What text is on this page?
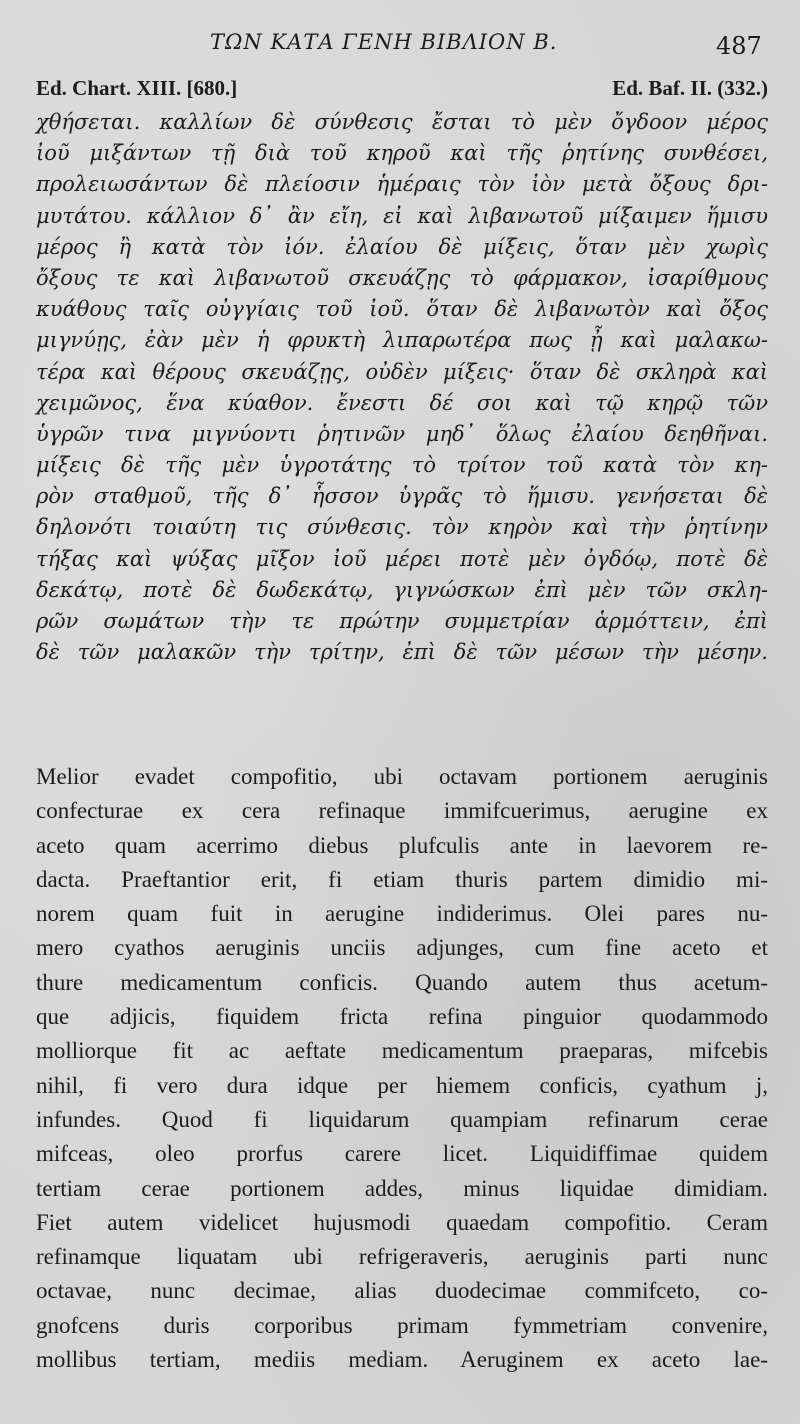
ΤΩΝ ΚΑΤΑ ΓΕΝΗ ΒΙΒΛΙΟΝ Β.	487
Ed. Chart. XIII. [680.]	Ed. Baf. II. (332.)
χθήσεται. καλλίων δὲ σύνθεσις ἔσται τὸ μὲν ὄγδοον μέρος
ἰοῦ μιξάντων τῇ διὰ τοῦ κηροῦ καὶ τῆς ῥητίνης συνθέσει,
προλειωσάντων δὲ πλείοσιν ἡμέραις τὸν ἰὸν μετὰ ὄξους δρι-
μυτάτου. κάλλιον δ᾿ ἂν εἴη, εἰ καὶ λιβανωτοῦ μίξαιμεν ἥμισυ
μέρος ἢ κατὰ τὸν ἰόν. ἐλαίου δὲ μίξεις, ὅταν μὲν χωρὶς
ὄξους τε καὶ λιβανωτοῦ σκευάζῃς τὸ φάρμακον, ἰσαρίθμους
κυάθους ταῖς οὐγγίαις τοῦ ἰοῦ. ὅταν δὲ λιβανωτὸν καὶ ὄξος
μιγνύῃς, ἐὰν μὲν ἡ φρυκτὴ λιπαρωτέρα πως ᾖ καὶ μαλακω-
τέρα καὶ θέρους σκευάζῃς, οὐδὲν μίξεις· ὅταν δὲ σκληρὰ καὶ
χειμῶνος, ἕνα κύαθον. ἔνεστι δέ σοι καὶ τῷ κηρῷ τῶν
ὑγρῶν τινα μιγνύοντι ῥητινῶν μηδ᾿ ὅλως ἐλαίου δεηθῆναι.
μίξεις δὲ τῆς μὲν ὑγροτάτης τὸ τρίτον τοῦ κατὰ τὸν κη-
ρὸν σταθμοῦ, τῆς δ᾿ ἧσσον ὑγρᾶς τὸ ἥμισυ. γενήσεται δὲ
δηλονότι τοιαύτη τις σύνθεσις. τὸν κηρὸν καὶ τὴν ῥητίνην
τήξας καὶ ψύξας μῖξον ἰοῦ μέρει ποτὲ μὲν ὀγδόῳ, ποτὲ δὲ
δεκάτῳ, ποτὲ δὲ δωδεκάτῳ, γιγνώσκων ἐπὶ μὲν τῶν σκλη-
ρῶν σωμάτων τὴν τε πρώτην συμμετρίαν ἁρμόττειν, ἐπὶ
δὲ τῶν μαλακῶν τὴν τρίτην, ἐπὶ δὲ τῶν μέσων τὴν μέσην.
Melior evadet compofitio, ubi octavam portionem aeruginis
confecturae ex cera refinaque immifcuerimus, aerugine ex
aceto quam acerrimo diebus plufculis ante in laevorem re-
dacta. Praeftantior erit, fi etiam thuris partem dimidio mi-
norem quam fuit in aerugine indiderimus. Olei pares nu-
mero cyathos aeruginis unciis adjunges, cum fine aceto et
thure medicamentum conficis. Quando autem thus acetum-
que adjicis, fiquidem fricta refina pinguior quodammodo
molliorque fit ac aeftate medicamentum praeparas, mifcebis
nihil, fi vero dura idque per hiemem conficis, cyathum j,
infundes. Quod fi liquidarum quampiam refinarum cerae
mifceas, oleo prorfus carere licet. Liquidiffimae quidem
tertiam cerae portionem addes, minus liquidae dimidiam.
Fiet autem videlicet hujusmodi quaedam compofitio. Ceram
refinamque liquatam ubi refrigeraveris, aeruginis parti nunc
octavae, nunc decimae, alias duodecimae commifceto, co-
gnofcens duris corporibus primam fymmetriam convenire,
mollibus tertiam, mediis mediam. Aeruginem ex aceto lae-
